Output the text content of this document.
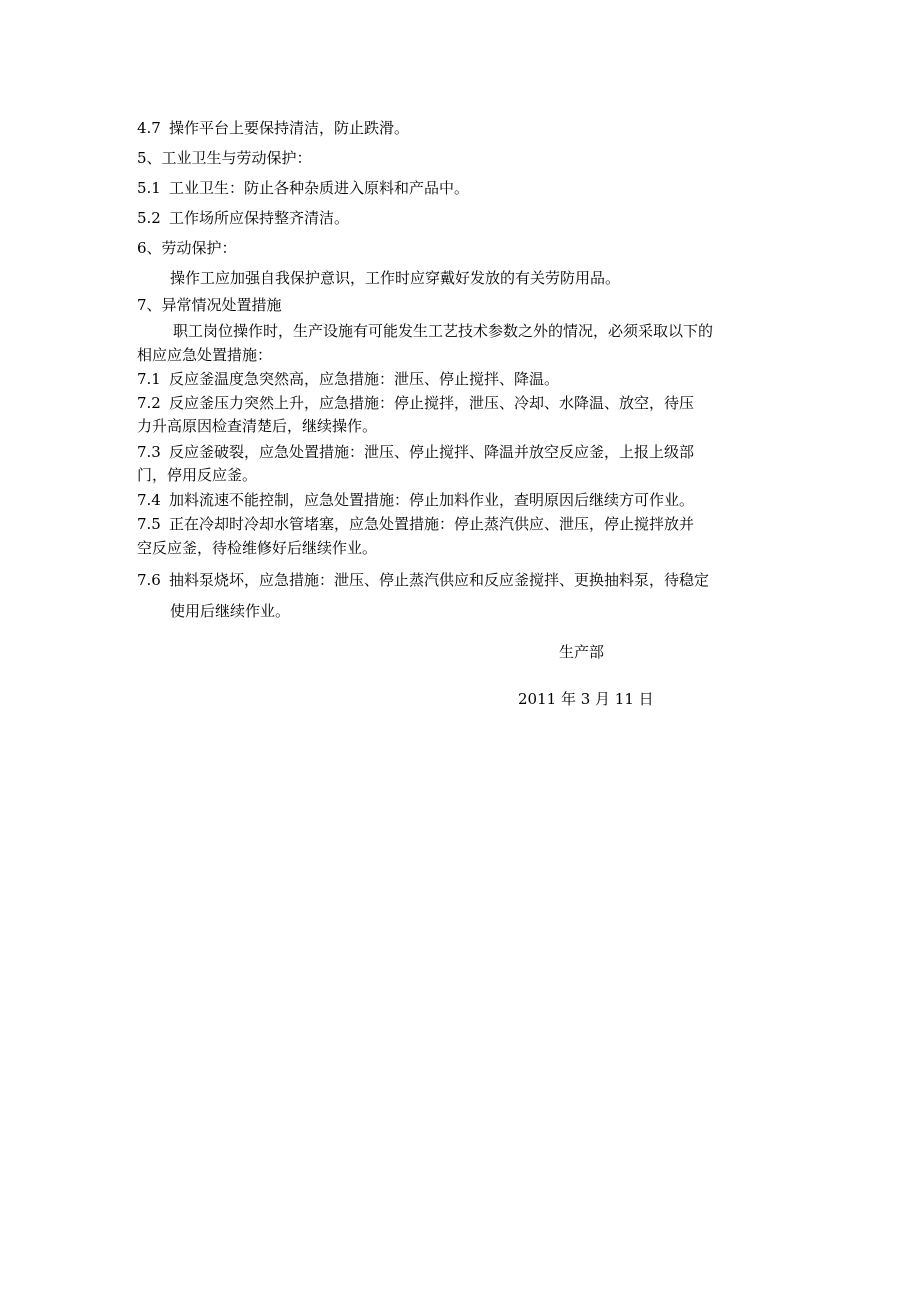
4.7 操作平台上要保持清洁，防止跌滑。
5、工业卫生与劳动保护：
5.1 工业卫生：防止各种杂质进入原料和产品中。
5.2 工作场所应保持整齐清洁。
6、劳动保护：
操作工应加强自我保护意识，工作时应穿戴好发放的有关劳防用品。
7、异常情况处置措施
职工岗位操作时，生产设施有可能发生工艺技术参数之外的情况，必须采取以下的
相应应急处置措施：
7.1 反应釜温度急突然高，应急措施：泄压、停止搅拌、降温。
7.2 反应釜压力突然上升，应急措施：停止搅拌，泄压、冷却、水降温、放空，待压
力升高原因检查清楚后，继续操作。
7.3 反应釜破裂，应急处置措施：泄压、停止搅拌、降温并放空反应釜，上报上级部
门，停用反应釜。
7.4 加料流速不能控制，应急处置措施：停止加料作业，查明原因后继续方可作业。
7.5 正在冷却时冷却水管堵塞，应急处置措施：停止蒸汽供应、泄压，停止搅拌放并
空反应釜，待检维修好后继续作业。
7.6 抽料泵烧坏，应急措施：泄压、停止蒸汽供应和反应釜搅拌、更换抽料泵，待稳定
使用后继续作业。
生产部
2011 年 3 月 11 日
